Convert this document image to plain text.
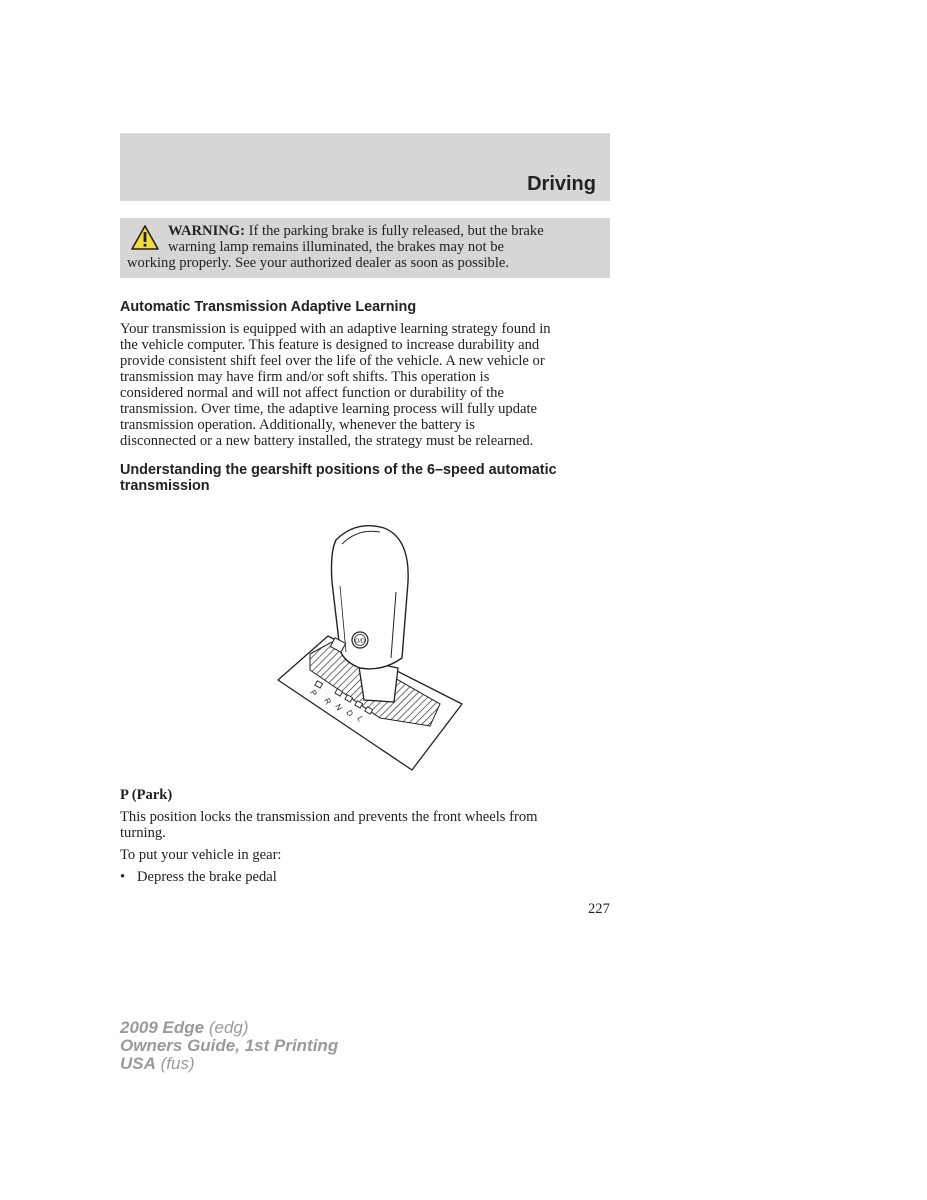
Driving

WARNING: If the parking brake is fully released, but the brake
warning lamp remains illuminated, the brakes may not be
working properly. See your authorized dealer as soon as possible.

Automatic Transmission Adaptive Learning

Your transmission is equipped with an adaptive learning strategy found in
the vehicle computer. This feature is designed to increase durability and
provide consistent shift feel over the life of the vehicle. A new vehicle or
transmission may have firm and/or soft shifts. This operation is
considered normal and will not affect function or durability of the
transmission. Over time, the adaptive learning process will fully update
transmission operation. Additionally, whenever the battery is
disconnected or a new battery installed, the strategy must be relearned.

Understanding the gearshift positions of the 6–speed automatic
transmission
O/D
P
R
N
D
L
P (Park)

This position locks the transmission and prevents the front wheels from
turning.

To put your vehicle in gear:

• Depress the brake pedal

227

2009 Edge (edg)
Owners Guide, 1st Printing
USA (fus)
